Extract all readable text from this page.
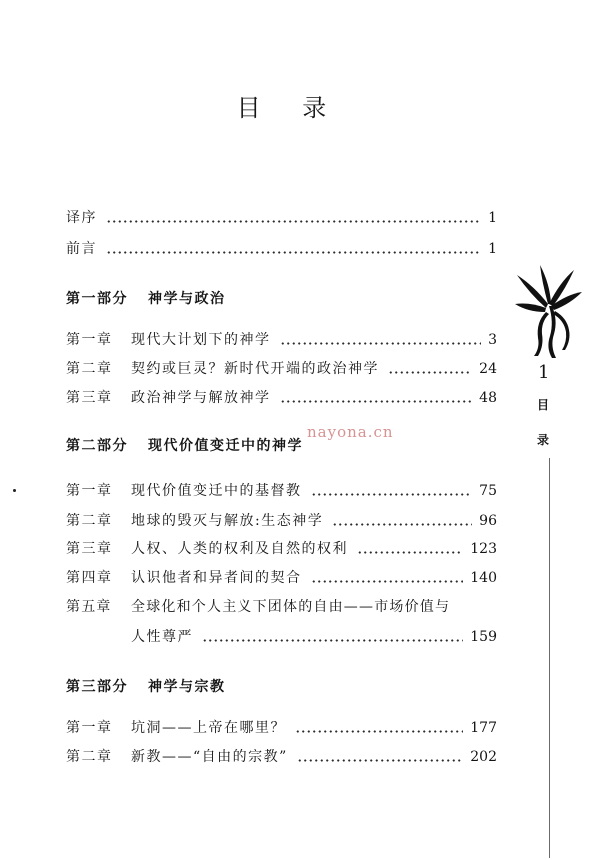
目 录
译序	1
前言	1
第一部分	神学与政治
第一章	现代大计划下的神学	3
第二章	契约或巨灵？新时代开端的政治神学	24
第三章	政治神学与解放神学	48
nayona.cn
第二部分	现代价值变迁中的神学
第一章	现代价值变迁中的基督教	75
第二章	地球的毁灭与解放:生态神学	96
第三章	人权、人类的权利及自然的权利	123
第四章	认识他者和异者间的契合	140
第五章	全球化和个人主义下团体的自由——市场价值与
人性尊严	159
第三部分	神学与宗教
第一章	坑洞——上帝在哪里？	177
第二章	新教——“自由的宗教”	202
1
目
录
